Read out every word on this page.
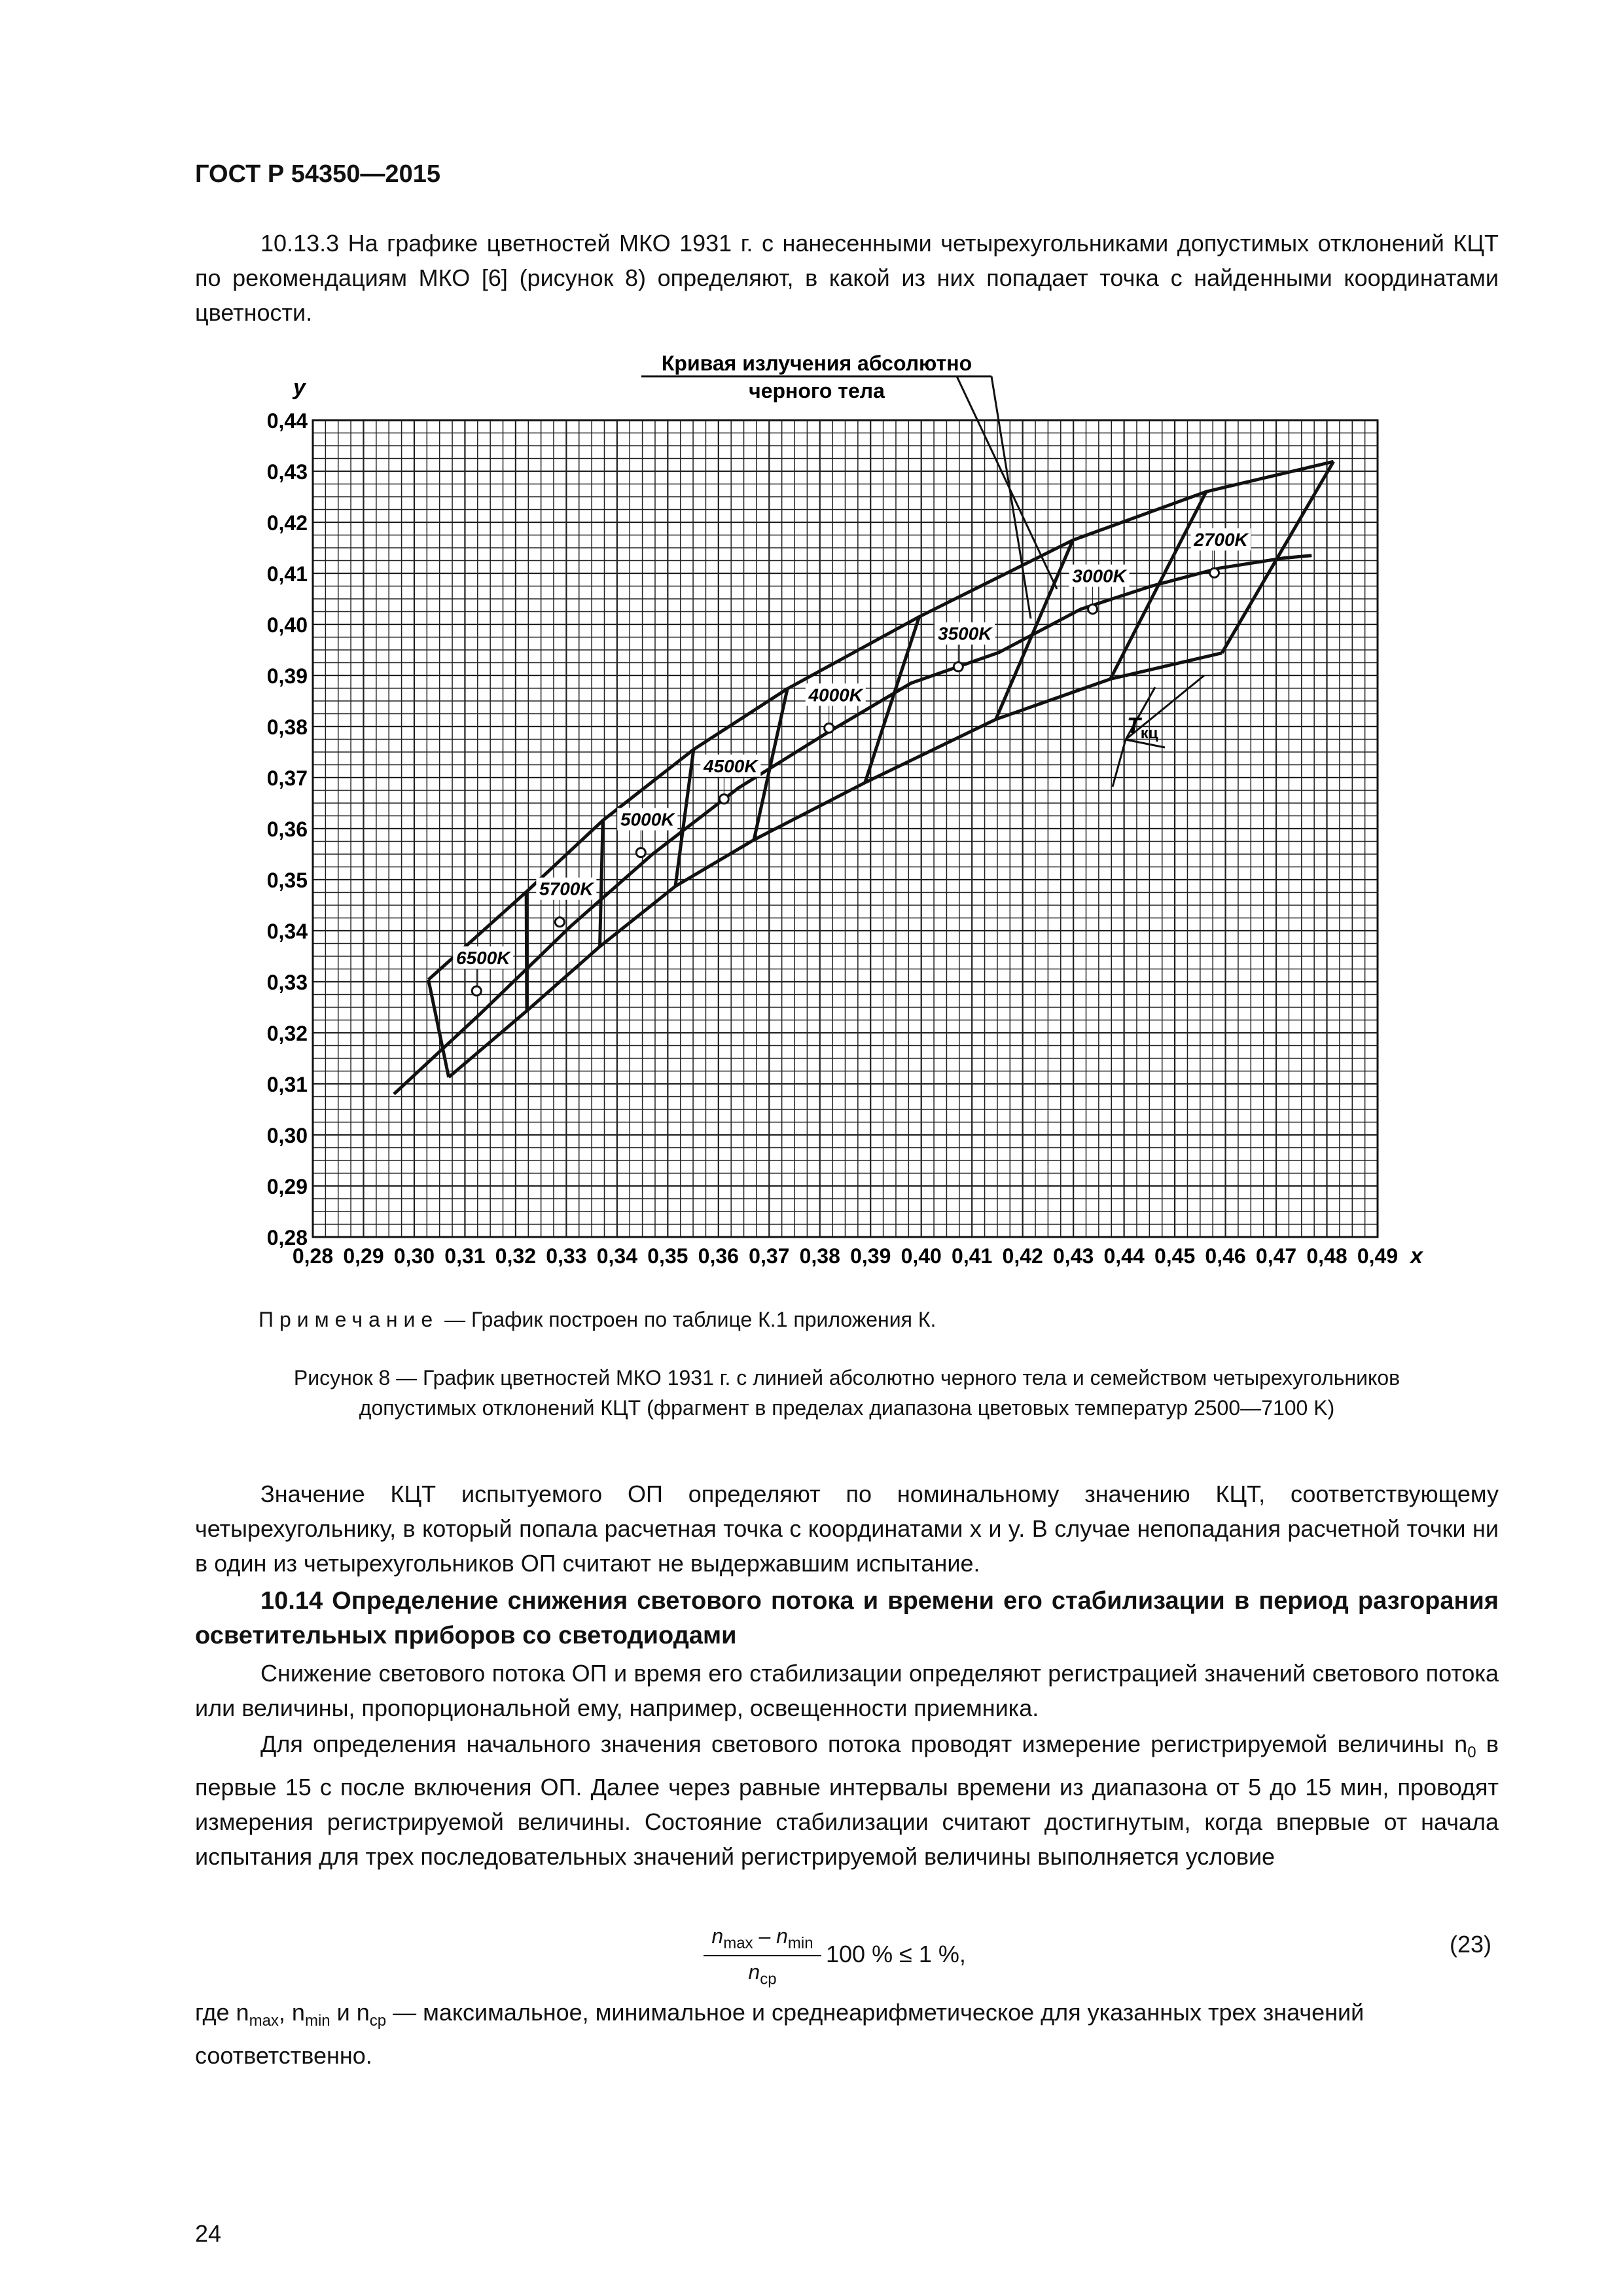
ГОСТ Р 54350—2015
10.13.3 На графике цветностей МКО 1931 г. с нанесенными четырехугольниками допустимых отклонений КЦТ по рекомендациям МКО [6] (рисунок 8) определяют, в какой из них попадает точка с найденными координатами цветности.
0,44
0,43
0,42
0,41
0,40
0,39
0,38
0,37
0,36
0,35
0,34
0,33
0,32
0,31
0,30
0,29
0,28
0,28 0,29 0,30 0,31 0,32 0,33 0,34 0,35 0,36 0,37 0,38 0,39 0,40 0,41 0,42 0,43 0,44 0,45 0,46 0,47 0,48 0,49
y
x
6500K
5700K
5000K
4500K
4000K
3500K
3000K
2700K
Кривая излучения абсолютно
черного тела
$Т_{кц}$
Примечание — График построен по таблице К.1 приложения К.
Рисунок 8 — График цветностей МКО 1931 г. с линией абсолютно черного тела и семейством четырехугольников
допустимых отклонений КЦТ (фрагмент в пределах диапазона цветовых температур 2500—7100 K)
Значение КЦТ испытуемого ОП определяют по номинальному значению КЦТ, соответствующему четырехугольнику, в который попала расчетная точка с координатами x и y. В случае непопадания расчетной точки ни в один из четырехугольников ОП считают не выдержавшим испытание.
10.14 Определение снижения светового потока и времени его стабилизации в период разгорания осветительных приборов со светодиодами
Снижение светового потока ОП и время его стабилизации определяют регистрацией значений светового потока или величины, пропорциональной ему, например, освещенности приемника.
Для определения начального значения светового потока проводят измерение регистрируемой величины $n_0$ в первые 15 с после включения ОП. Далее через равные интервалы времени из диапазона от 5 до 15 мин, проводят измерения регистрируемой величины. Состояние стабилизации считают достигнутым, когда впервые от начала испытания для трех последовательных значений регистрируемой величины выполняется условие
$n_{max} - n_{min}$
$n_{ср}$
100 % ≤ 1 %,	(23)
где $n_{max}$, $n_{min}$ и $n_{ср}$ — максимальное, минимальное и среднеарифметическое для указанных трех значений соответственно.
24
